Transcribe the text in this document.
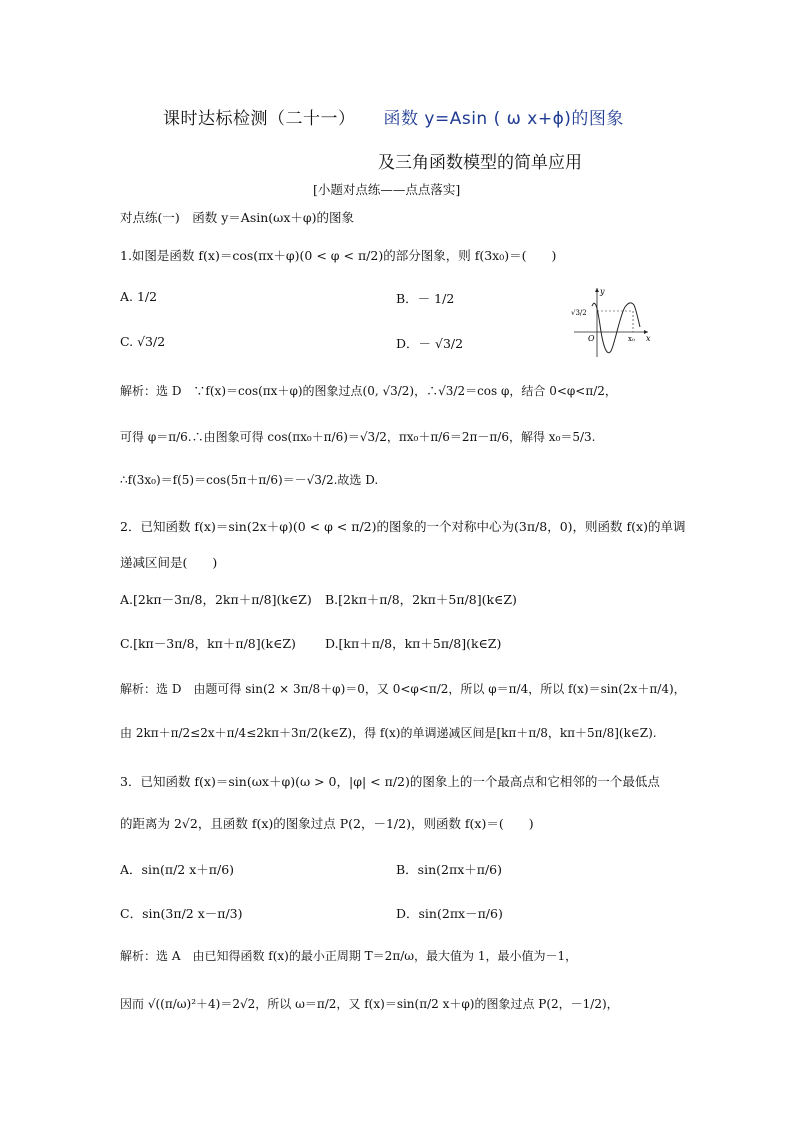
课时达标检测（二十一） 函数 y=Asin ( ω x+ϕ)的图象
及三角函数模型的简单应用
[小题对点练——点点落实]
对点练(一)　函数 y＝Asin(ωx＋φ)的图象
1.如图是函数 f(x)＝cos(πx＋φ)(0 < φ < π/2)的部分图象，则 f(3x₀)＝(　　)
A. 1/2	B．－ 1/2
C. √3/2	D．－ √3/2
y
x
O
√3/2
x₀
解析：选 D　∵f(x)＝cos(πx＋φ)的图象过点(0, √3/2)，∴√3/2＝cos φ，结合 0<φ<π/2，
可得 φ＝π/6.∴由图象可得 cos(πx₀＋π/6)＝√3/2，πx₀＋π/6＝2π－π/6，解得 x₀＝5/3.
∴f(3x₀)＝f(5)＝cos(5π＋π/6)＝－√3/2.故选 D.
2．已知函数 f(x)＝sin(2x＋φ)(0 < φ < π/2)的图象的一个对称中心为(3π/8，0)，则函数 f(x)的单调
递减区间是(　　)
A.[2kπ－3π/8，2kπ＋π/8](k∈Z) B.[2kπ＋π/8，2kπ＋5π/8](k∈Z)
C.[kπ－3π/8，kπ＋π/8](k∈Z) D.[kπ＋π/8，kπ＋5π/8](k∈Z)
解析：选 D　由题可得 sin(2 × 3π/8＋φ)＝0，又 0<φ<π/2，所以 φ＝π/4，所以 f(x)＝sin(2x＋π/4)，
由 2kπ＋π/2≤2x＋π/4≤2kπ＋3π/2(k∈Z)，得 f(x)的单调递减区间是[kπ＋π/8，kπ＋5π/8](k∈Z).
3．已知函数 f(x)＝sin(ωx＋φ)(ω > 0，|φ| < π/2)的图象上的一个最高点和它相邻的一个最低点
的距离为 2√2，且函数 f(x)的图象过点 P(2，－1/2)，则函数 f(x)＝(　　)
A．sin(π/2 x＋π/6)	B．sin(2πx＋π/6)
C．sin(3π/2 x－π/3)	D．sin(2πx－π/6)
解析：选 A　由已知得函数 f(x)的最小正周期 T＝2π/ω，最大值为 1，最小值为－1，
因而 √((π/ω)²＋4)＝2√2，所以 ω＝π/2，又 f(x)＝sin(π/2 x＋φ)的图象过点 P(2，－1/2)，
